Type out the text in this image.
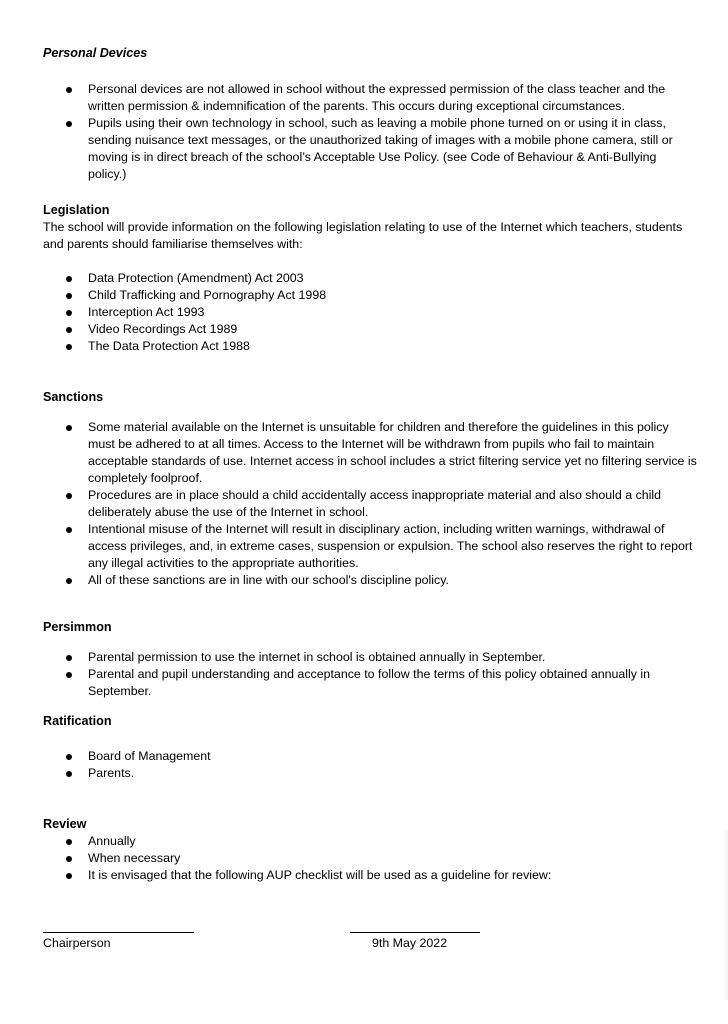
Personal Devices
Personal devices are not allowed in school without the expressed permission of the class teacher and the written permission & indemnification of the parents. This occurs during exceptional circumstances.
Pupils using their own technology in school, such as leaving a mobile phone turned on or using it in class, sending nuisance text messages, or the unauthorized taking of images with a mobile phone camera, still or moving is in direct breach of the school’s Acceptable Use Policy. (see Code of Behaviour & Anti-Bullying policy.)
Legislation
The school will provide information on the following legislation relating to use of the Internet which teachers, students and parents should familiarise themselves with:
Data Protection (Amendment) Act 2003
Child Trafficking and Pornography Act 1998
Interception Act 1993
Video Recordings Act 1989
The Data Protection Act 1988
Sanctions
Some material available on the Internet is unsuitable for children and therefore the guidelines in this policy must be adhered to at all times. Access to the Internet will be withdrawn from pupils who fail to maintain acceptable standards of use. Internet access in school includes a strict filtering service yet no filtering service is completely foolproof.
Procedures are in place should a child accidentally access inappropriate material and also should a child deliberately abuse the use of the Internet in school.
Intentional misuse of the Internet will result in disciplinary action, including written warnings, withdrawal of access privileges, and, in extreme cases, suspension or expulsion. The school also reserves the right to report any illegal activities to the appropriate authorities.
All of these sanctions are in line with our school's discipline policy.
Persimmon
Parental permission to use the internet in school is obtained annually in September.
Parental and pupil understanding and acceptance to follow the terms of this policy obtained annually in September.
Ratification
Board of Management
Parents.
Review
Annually
When necessary
It is envisaged that the following AUP checklist will be used as a guideline for review:
Chairperson	9th May 2022
